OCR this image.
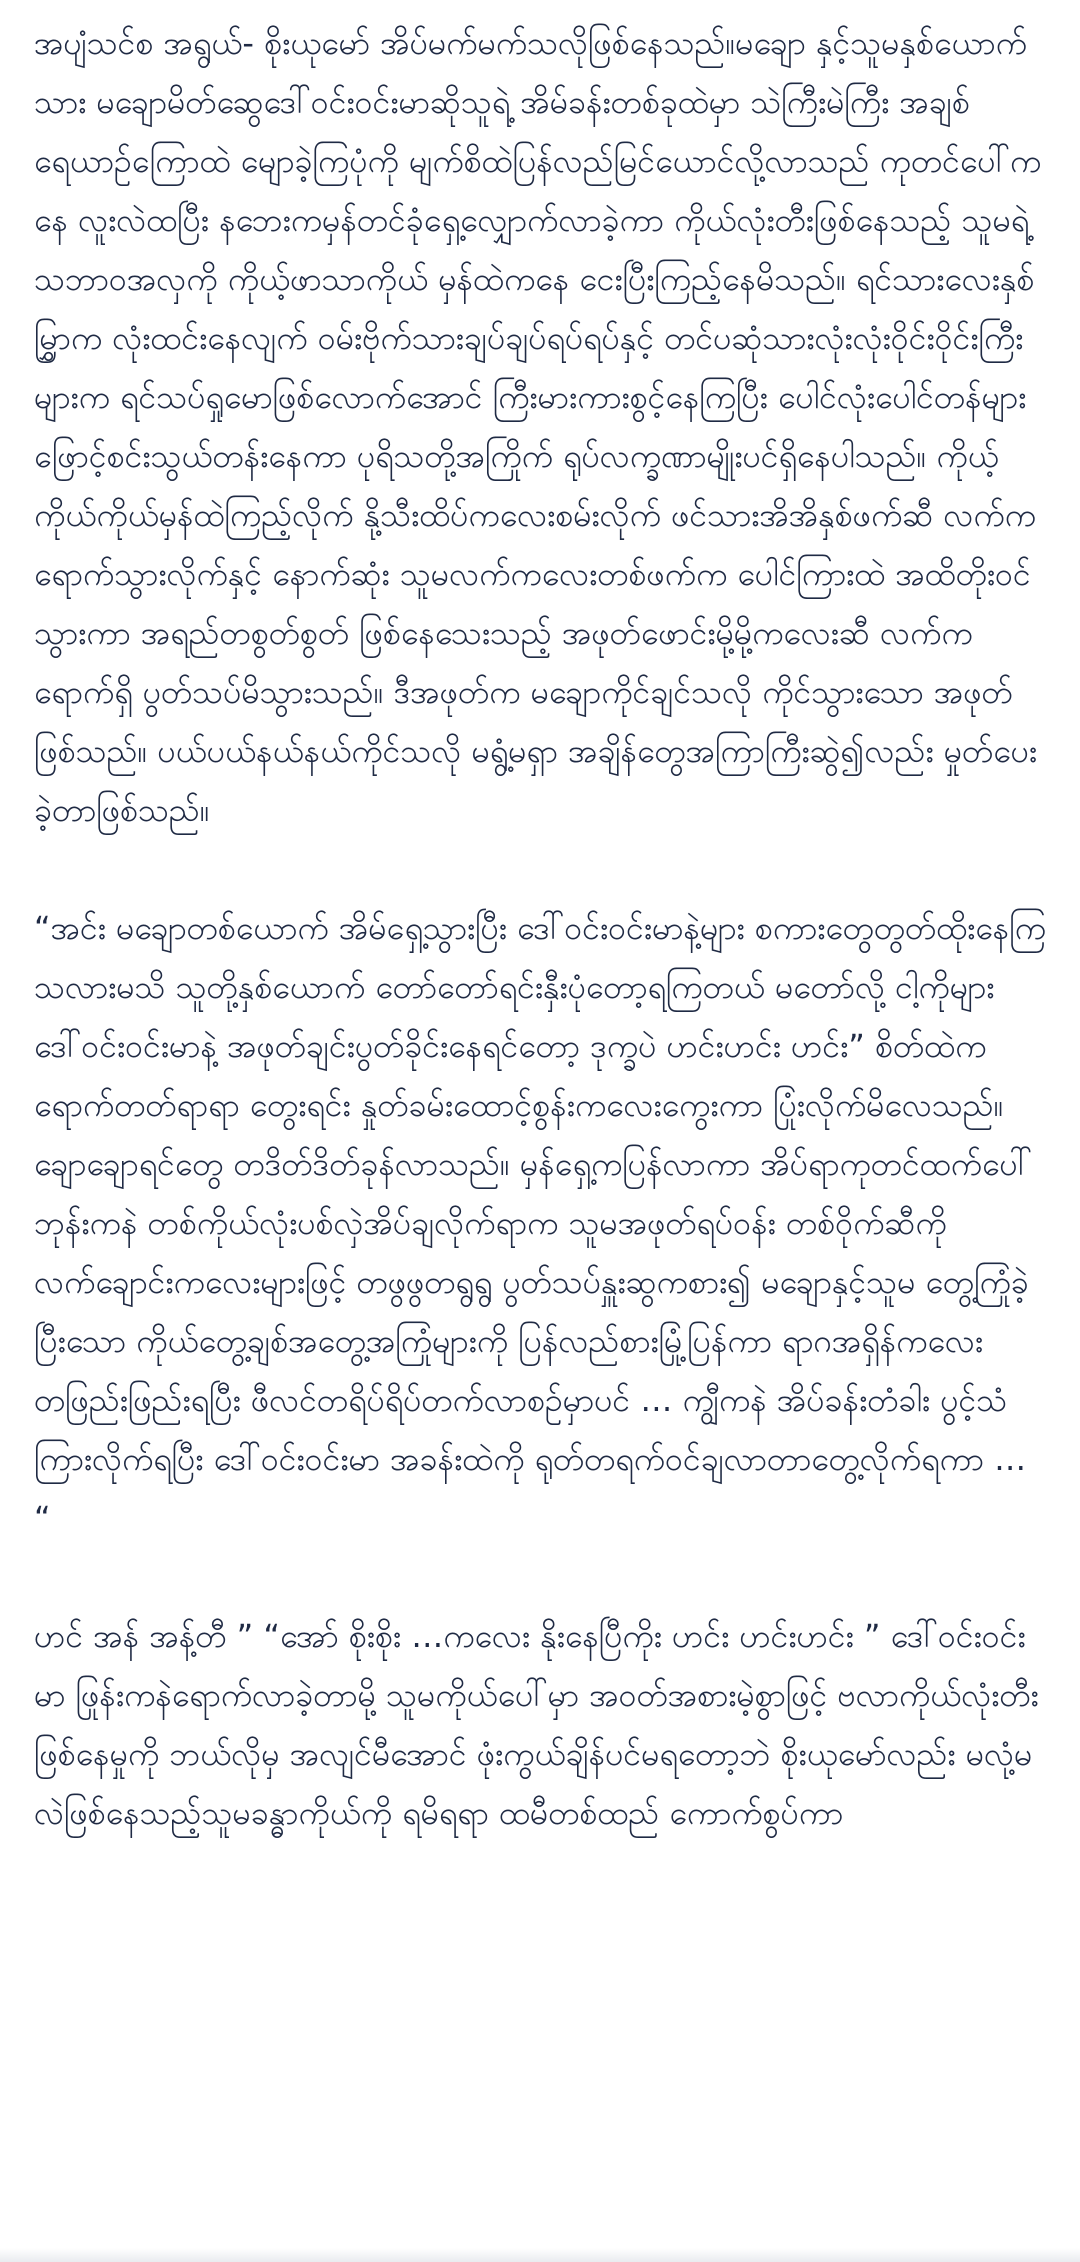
အပျံသင်စ အရွယ်- စိုးယုမော် အိပ်မက်မက်သလိုဖြစ်နေသည်။မချော နှင့်သူမနှစ်ယောက်သား မချောမိတ်ဆွေဒေါ်ဝင်းဝင်းမာဆိုသူရဲ့ အိမ်ခန်းတစ်ခုထဲမှာ သဲကြီးမဲကြီး အချစ်ရေယာဉ်ကြောထဲ မျောခဲ့ကြပုံကို မျက်စိထဲပြန်လည်မြင်ယောင်လို့လာသည် ကုတင်ပေါ်ကနေ လူးလဲထပြီး နဘေးကမှန်တင်ခုံရှေ့လျှောက်လာခဲ့ကာ ကိုယ်လုံးတီးဖြစ်နေသည့် သူမရဲ့သဘာဝအလှကို ကိုယ့်ဖာသာကိုယ် မှန်ထဲကနေ ငေးပြီးကြည့်နေမိသည်။ ရင်သားလေးနှစ်မြွှာက လုံးထင်းနေလျက် ဝမ်းဗိုက်သားချပ်ချပ်ရပ်ရပ်နှင့် တင်ပဆုံသားလုံးလုံးဝိုင်းဝိုင်းကြီးများက ရင်သပ်ရှုမောဖြစ်လောက်အောင် ကြီးမားကားစွင့်နေကြပြီး ပေါင်လုံးပေါင်တန်များ ဖြောင့်စင်းသွယ်တန်းနေကာ ပုရိသတို့အကြိုက် ရုပ်လက္ခဏာမျိုးပင်ရှိနေပါသည်။ ကိုယ့်ကိုယ်ကိုယ်မှန်ထဲကြည့်လိုက် နို့သီးထိပ်ကလေးစမ်းလိုက် ဖင်သားအိအိနှစ်ဖက်ဆီ လက်ကရောက်သွားလိုက်နှင့် နောက်ဆုံး သူမလက်ကလေးတစ်ဖက်က ပေါင်ကြားထဲ အထိတိုးဝင်သွားကာ အရည်တစွတ်စွတ် ဖြစ်နေသေးသည့် အဖုတ်ဖောင်းမို့မို့ကလေးဆီ လက်ကရောက်ရှိ ပွတ်သပ်မိသွားသည်။ ဒီအဖုတ်က မချောကိုင်ချင်သလို ကိုင်သွားသော အဖုတ်ဖြစ်သည်။ ပယ်ပယ်နယ်နယ်ကိုင်သလို မရွံ့မရှာ အချိန်တွေအကြာကြီးဆွဲ၍လည်း မှုတ်ပေးခဲ့တာဖြစ်သည်။

“အင်း မချောတစ်ယောက် အိမ်ရှေ့သွားပြီး ဒေါ်ဝင်းဝင်းမာနဲ့များ စကားတွေတွတ်ထိုးနေကြသလားမသိ သူတို့နှစ်ယောက် တော်တော်ရင်းနှီးပုံတော့ရကြတယ် မတော်လို့ ငါ့ကိုများ ဒေါ်ဝင်းဝင်းမာနဲ့ အဖုတ်ချင်းပွတ်ခိုင်းနေရင်တော့ ဒုက္ခပဲ ဟင်းဟင်း ဟင်း” စိတ်ထဲကရောက်တတ်ရာရာ တွေးရင်း နှုတ်ခမ်းထောင့်စွန်းကလေးကွေးကာ ပြုံးလိုက်မိလေသည်။ ချောချောရင်တွေ တဒိတ်ဒိတ်ခုန်လာသည်။ မှန်ရှေ့ကပြန်လာကာ အိပ်ရာကုတင်ထက်ပေါ် ဘုန်းကနဲ တစ်ကိုယ်လုံးပစ်လှဲအိပ်ချလိုက်ရာက သူမအဖုတ်ရပ်ဝန်း တစ်ဝိုက်ဆီကို လက်ချောင်းကလေးများဖြင့် တဖွဖွတရွရွ ပွတ်သပ်နှူးဆွကစား၍ မချောနှင့်သူမ တွေ့ကြုံခဲ့ပြီးသော ကိုယ်တွေ့ချစ်အတွေ့အကြုံများကို ပြန်လည်စားမြုံ့ပြန်ကာ ရာဂအရှိန်ကလေးတဖြည်းဖြည်းရပြီး ဖီလင်တရိပ်ရိပ်တက်လာစဉ်မှာပင် … ကျွီကနဲ အိပ်ခန်းတံခါး ပွင့်သံကြားလိုက်ရပြီး ဒေါ်ဝင်းဝင်းမာ အခန်းထဲကို ရုတ်တရက်ဝင်ချလာတာတွေ့လိုက်ရကာ … “

ဟင် အန် အန့်တီ ” “အော် စိုးစိုး …ကလေး နိုးနေပြီကိုး ဟင်း ဟင်းဟင်း ” ဒေါ်ဝင်းဝင်းမာ ဖြုန်းကနဲရောက်လာခဲ့တာမို့ သူမကိုယ်ပေါ်မှာ အဝတ်အစားမဲ့စွာဖြင့် ဗလာကိုယ်လုံးတီးဖြစ်နေမှုကို ဘယ်လိုမှ အလျင်မီအောင် ဖုံးကွယ်ချိန်ပင်မရတော့ဘဲ စိုးယုမော်လည်း မလုံ့မလဲဖြစ်နေသည့်သူမခန္ဓာကိုယ်ကို ရမိရရာ ထမီတစ်ထည် ကောက်စွပ်ကာ
